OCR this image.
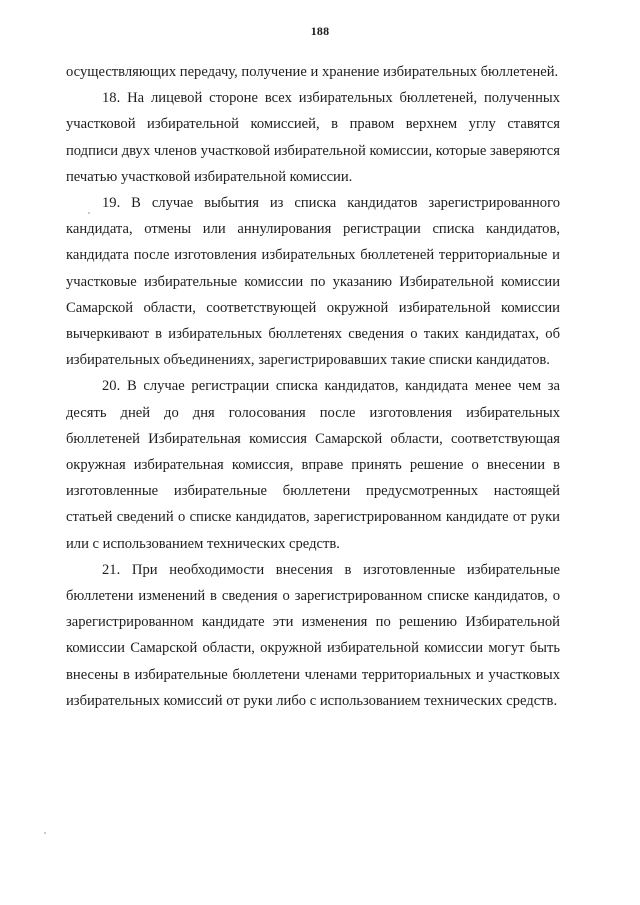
188

осуществляющих передачу, получение и хранение избирательных бюллетеней.

18. На лицевой стороне всех избирательных бюллетеней, полученных участковой избирательной комиссией, в правом верхнем углу ставятся подписи двух членов участковой избирательной комиссии, которые заверяются печатью участковой избирательной комиссии.

19. В случае выбытия из списка кандидатов зарегистрированного кандидата, отмены или аннулирования регистрации списка кандидатов, кандидата после изготовления избирательных бюллетеней территориальные и участковые избирательные комиссии по указанию Избирательной комиссии Самарской области, соответствующей окружной избирательной комиссии вычеркивают в избирательных бюллетенях сведения о таких кандидатах, об избирательных объединениях, зарегистрировавших такие списки кандидатов.

20. В случае регистрации списка кандидатов, кандидата менее чем за десять дней до дня голосования после изготовления избирательных бюллетеней Избирательная комиссия Самарской области, соответствующая окружная избирательная комиссия, вправе принять решение о внесении в изготовленные избирательные бюллетени предусмотренных настоящей статьей сведений о списке кандидатов, зарегистрированном кандидате от руки или с использованием технических средств.

21. При необходимости внесения в изготовленные избирательные бюллетени изменений в сведения о зарегистрированном списке кандидатов, о зарегистрированном кандидате эти изменения по решению Избирательной комиссии Самарской области, окружной избирательной комиссии могут быть внесены в избирательные бюллетени членами территориальных и участковых избирательных комиссий от руки либо с использованием технических средств.
